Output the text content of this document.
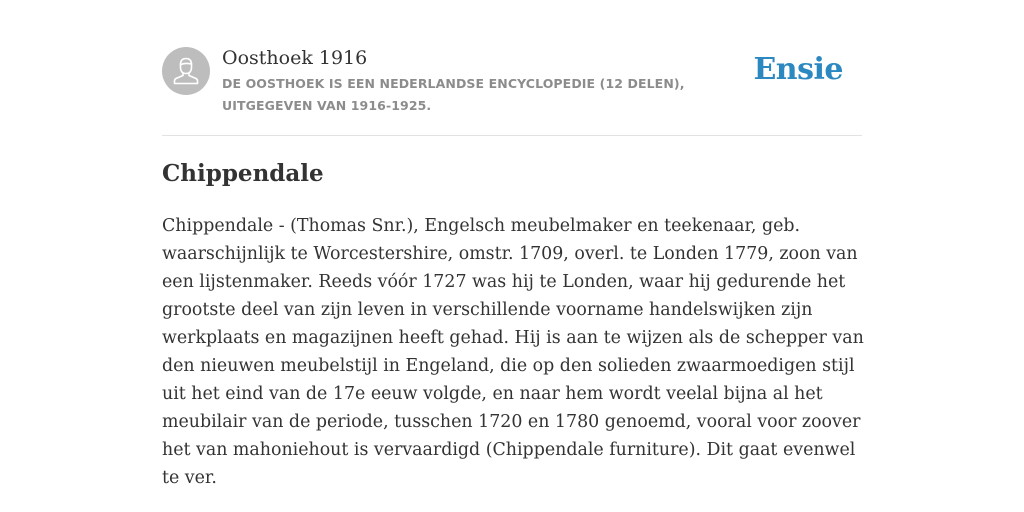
Oosthoek 1916
DE OOSTHOEK IS EEN NEDERLANDSE ENCYCLOPEDIE (12 DELEN), UITGEGEVEN VAN 1916-1925.
Ensie
Chippendale

Chippendale - (Thomas Snr.), Engelsch meubelmaker en teekenaar, geb. waarschijnlijk te Worcestershire, omstr. 1709, overl. te Londen 1779, zoon van een lijstenmaker. Reeds vóór 1727 was hij te Londen, waar hij gedurende het grootste deel van zijn leven in verschillende voorname handelswijken zijn werkplaats en magazijnen heeft gehad. Hij is aan te wijzen als de schepper van den nieuwen meubelstijl in Engeland, die op den solieden zwaarmoedigen stijl uit het eind van de 17e eeuw volgde, en naar hem wordt veelal bijna al het meubilair van de periode, tusschen 1720 en 1780 genoemd, vooral voor zoover het van mahoniehout is vervaardigd (Chippendale furniture). Dit gaat evenwel te ver.
